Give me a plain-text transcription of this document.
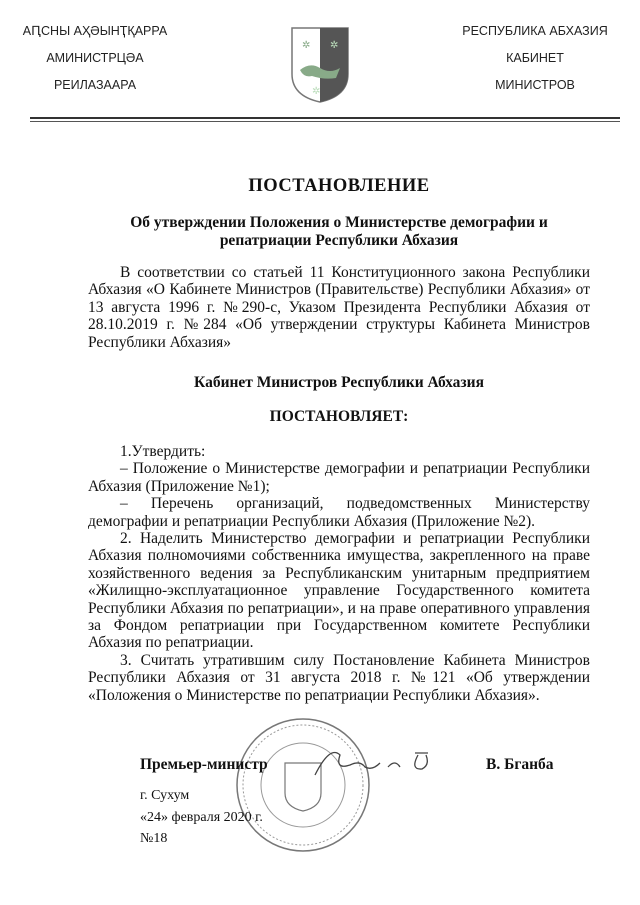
АԤСНЫ АҲӘЫНҬҚАРРА
АМИНИСТРЦӘА
РЕИЛАЗААРА
✲ ✲
✲
РЕСПУБЛИКА АБХАЗИЯ
КАБИНЕТ
МИНИСТРОВ
ПОСТАНОВЛЕНИЕ
Об утверждении Положения о Министерстве демографии и репатриации Республики Абхазия

В соответствии со статьей 11 Конституционного закона Республики Абхазия «О Кабинете Министров (Правительстве) Республики Абхазия» от 13 августа 1996 г. №290-с, Указом Президента Республики Абхазия от 28.10.2019 г. №284 «Об утверждении структуры Кабинета Министров Республики Абхазия»

Кабинет Министров Республики Абхазия
ПОСТАНОВЛЯЕТ:

1.Утвердить:

– Положение о Министерстве демографии и репатриации Республики Абхазия (Приложение №1);

– Перечень организаций, подведомственных Министерству демографии и репатриации Республики Абхазия (Приложение №2).

2. Наделить Министерство демографии и репатриации Республики Абхазия полномочиями собственника имущества, закрепленного на праве хозяйственного ведения за Республиканским унитарным предприятием «Жилищно-эксплуатационное управление Государственного комитета Республики Абхазия по репатриации», и на праве оперативного управления за Фондом репатриации при Государственном комитете Республики Абхазия по репатриации.

3. Считать утратившим силу Постановление Кабинета Министров Республики Абхазия от 31 августа 2018 г. №121 «Об утверждении «Положения о Министерстве по репатриации Республики Абхазия».

Премьер-министр	В. Бганба
г. Сухум
«24» февраля 2020 г.
№18
